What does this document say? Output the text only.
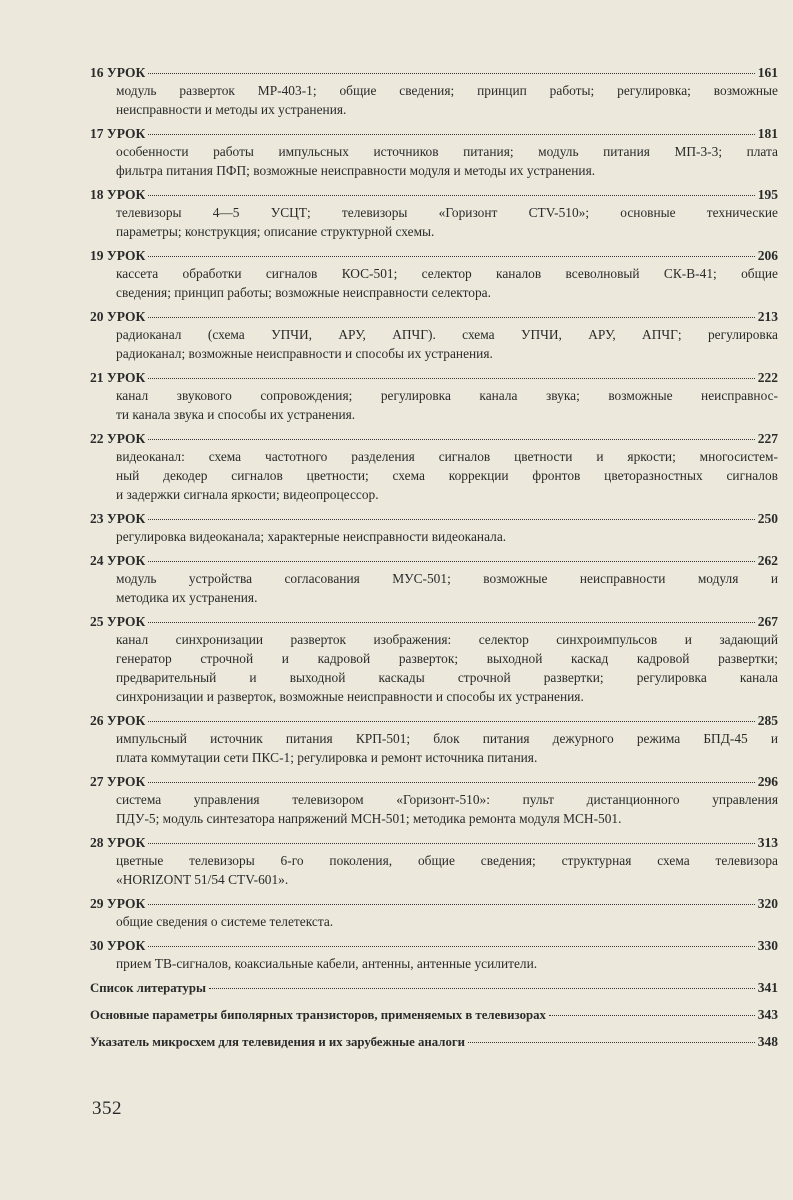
16 УРОК	161
модуль разверток МР-403-1; общие сведения; принцип работы; регулировка; возможные
неисправности и методы их устранения.
17 УРОК	181
особенности работы импульсных источников питания; модуль питания МП-3-3; плата
фильтра питания ПФП; возможные неисправности модуля и методы их устранения.
18 УРОК	195
телевизоры 4—5 УСЦТ; телевизоры «Горизонт CTV-510»; основные технические
параметры; конструкция; описание структурной схемы.
19 УРОК	206
кассета обработки сигналов КОС-501; селектор каналов всеволновый СК-В-41; общие
сведения; принцип работы; возможные неисправности селектора.
20 УРОК	213
радиоканал (схема УПЧИ, АРУ, АПЧГ). схема УПЧИ, АРУ, АПЧГ; регулировка
радиоканал; возможные неисправности и способы их устранения.
21 УРОК	222
канал звукового сопровождения; регулировка канала звука; возможные неисправнос-
ти канала звука и способы их устранения.
22 УРОК	227
видеоканал: схема частотного разделения сигналов цветности и яркости; многосистем-
ный декодер сигналов цветности; схема коррекции фронтов цветоразностных сигналов
и задержки сигнала яркости; видеопроцессор.
23 УРОК	250
регулировка видеоканала; характерные неисправности видеоканала.
24 УРОК	262
модуль устройства согласования МУС-501; возможные неисправности модуля и
методика их устранения.
25 УРОК	267
канал синхронизации разверток изображения: селектор синхроимпульсов и задающий
генератор строчной и кадровой разверток; выходной каскад кадровой развертки;
предварительный и выходной каскады строчной развертки; регулировка канала
синхронизации и разверток, возможные неисправности и способы их устранения.
26 УРОК	285
импульсный источник питания КРП-501; блок питания дежурного режима БПД-45 и
плата коммутации сети ПКС-1; регулировка и ремонт источника питания.
27 УРОК	296
система управления телевизором «Горизонт-510»: пульт дистанционного управления
ПДУ-5; модуль синтезатора напряжений МСН-501; методика ремонта модуля МСН-501.
28 УРОК	313
цветные телевизоры 6-го поколения, общие сведения; структурная схема телевизора
«HORIZONT 51/54 CTV-601».
29 УРОК	320
общие сведения о системе телетекста.
30 УРОК	330
прием ТВ-сигналов, коаксиальные кабели, антенны, антенные усилители.
Список литературы	341
Основные параметры биполярных транзисторов, применяемых в телевизорах	343
Указатель микросхем для телевидения и их зарубежные аналоги	348
352
